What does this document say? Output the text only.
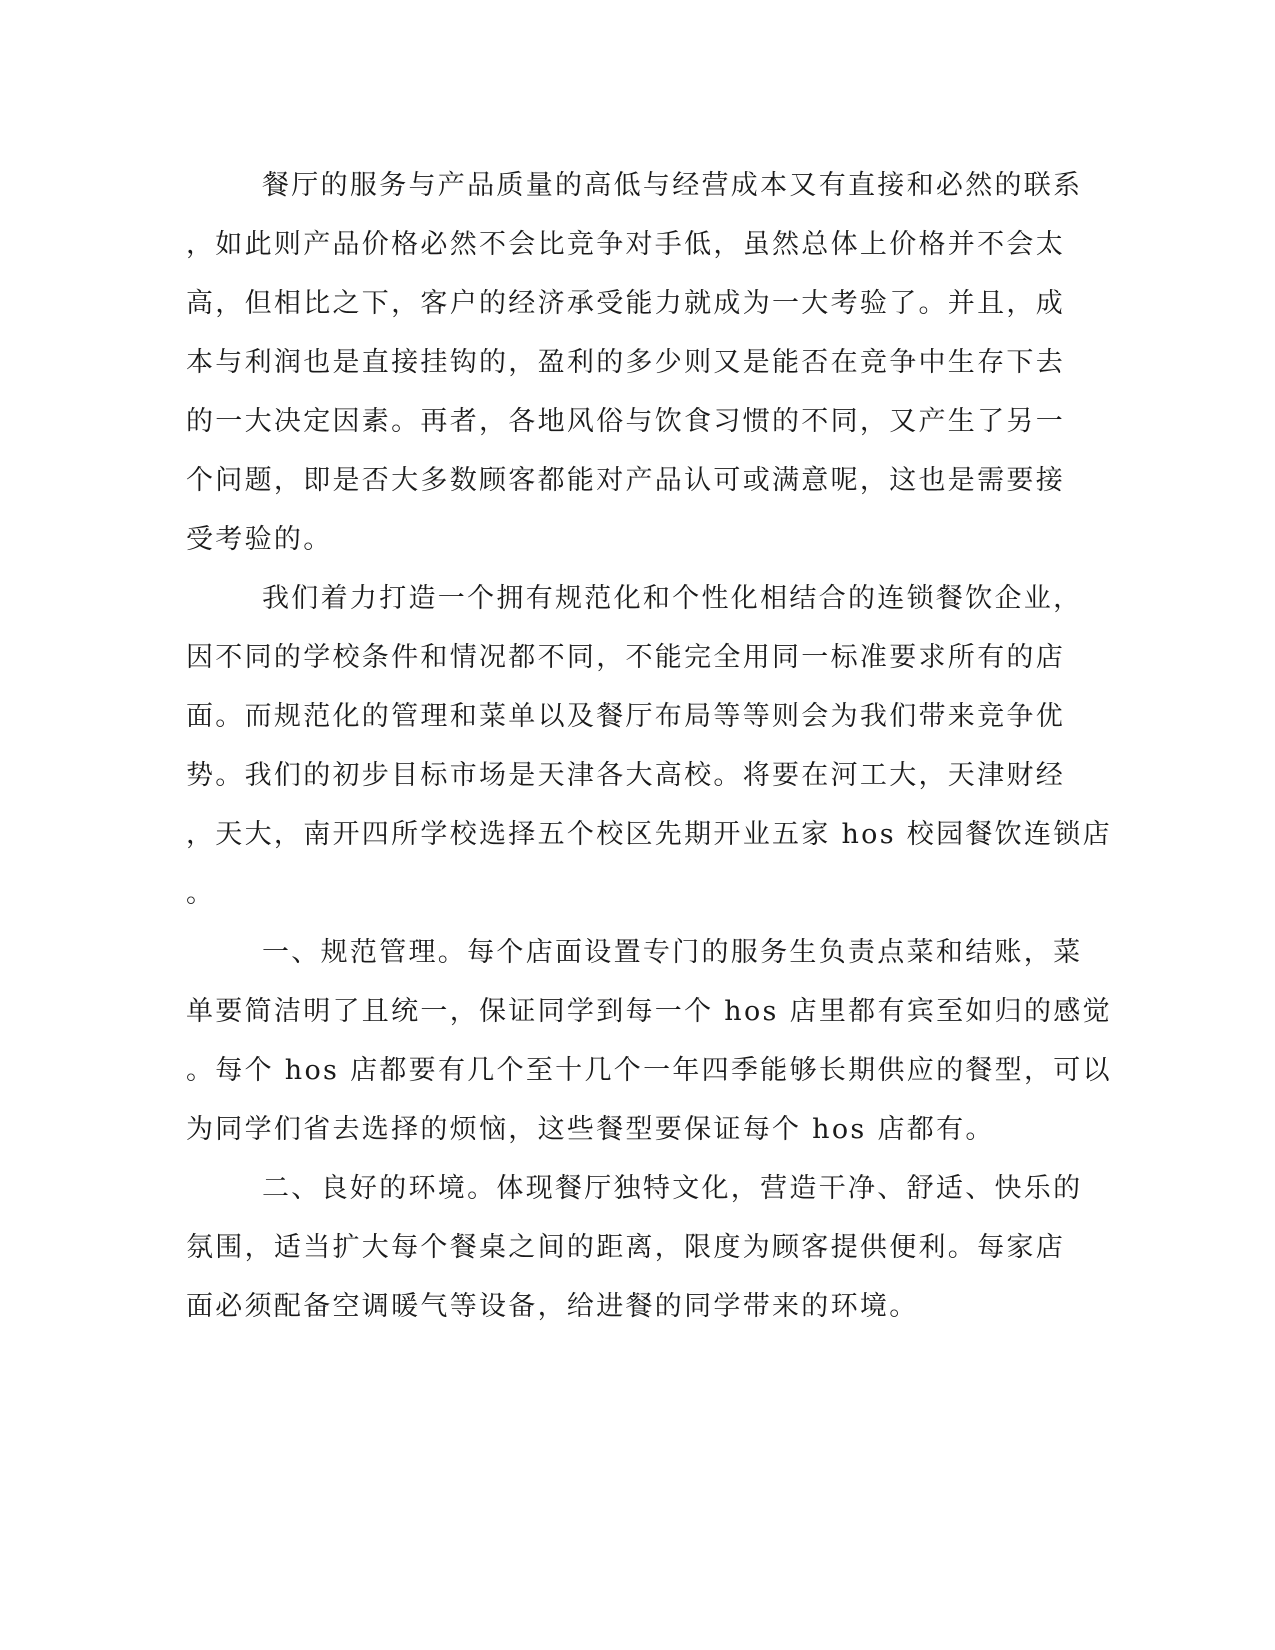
餐厅的服务与产品质量的高低与经营成本又有直接和必然的联系
，如此则产品价格必然不会比竞争对手低，虽然总体上价格并不会太
高，但相比之下，客户的经济承受能力就成为一大考验了。并且，成
本与利润也是直接挂钩的，盈利的多少则又是能否在竞争中生存下去
的一大决定因素。再者，各地风俗与饮食习惯的不同，又产生了另一
个问题，即是否大多数顾客都能对产品认可或满意呢，这也是需要接
受考验的。
我们着力打造一个拥有规范化和个性化相结合的连锁餐饮企业，
因不同的学校条件和情况都不同，不能完全用同一标准要求所有的店
面。而规范化的管理和菜单以及餐厅布局等等则会为我们带来竞争优
势。我们的初步目标市场是天津各大高校。将要在河工大，天津财经
，天大，南开四所学校选择五个校区先期开业五家 hos 校园餐饮连锁店
。
一、规范管理。每个店面设置专门的服务生负责点菜和结账，菜
单要简洁明了且统一，保证同学到每一个 hos 店里都有宾至如归的感觉
。每个 hos 店都要有几个至十几个一年四季能够长期供应的餐型，可以
为同学们省去选择的烦恼，这些餐型要保证每个 hos 店都有。
二、良好的环境。体现餐厅独特文化，营造干净、舒适、快乐的
氛围，适当扩大每个餐桌之间的距离，限度为顾客提供便利。每家店
面必须配备空调暖气等设备，给进餐的同学带来的环境。
